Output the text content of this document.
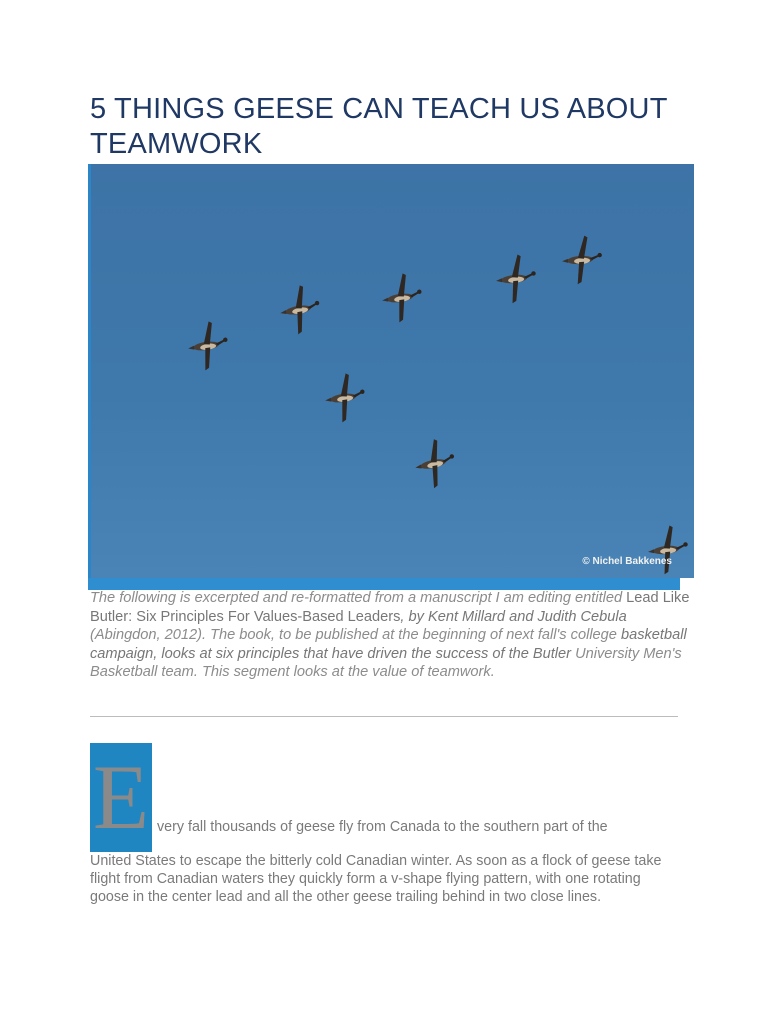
5 THINGS GEESE CAN TEACH US ABOUT TEAMWORK
© Nichel Bakkenes

The following is excerpted and re-formatted from a manuscript I am editing entitled Lead Like Butler: Six Principles For Values-Based Leaders, by Kent Millard and Judith Cebula (Abingdon, 2012). The book, to be published at the beginning of next fall's college basketball campaign, looks at six principles that have driven the success of the Butler University Men's Basketball team. This segment looks at the value of teamwork.

E very fall thousands of geese fly from Canada to the southern part of the
United States to escape the bitterly cold Canadian winter. As soon as a flock of geese take flight from Canadian waters they quickly form a v-shape flying pattern, with one rotating goose in the center lead and all the other geese trailing behind in two close lines.
